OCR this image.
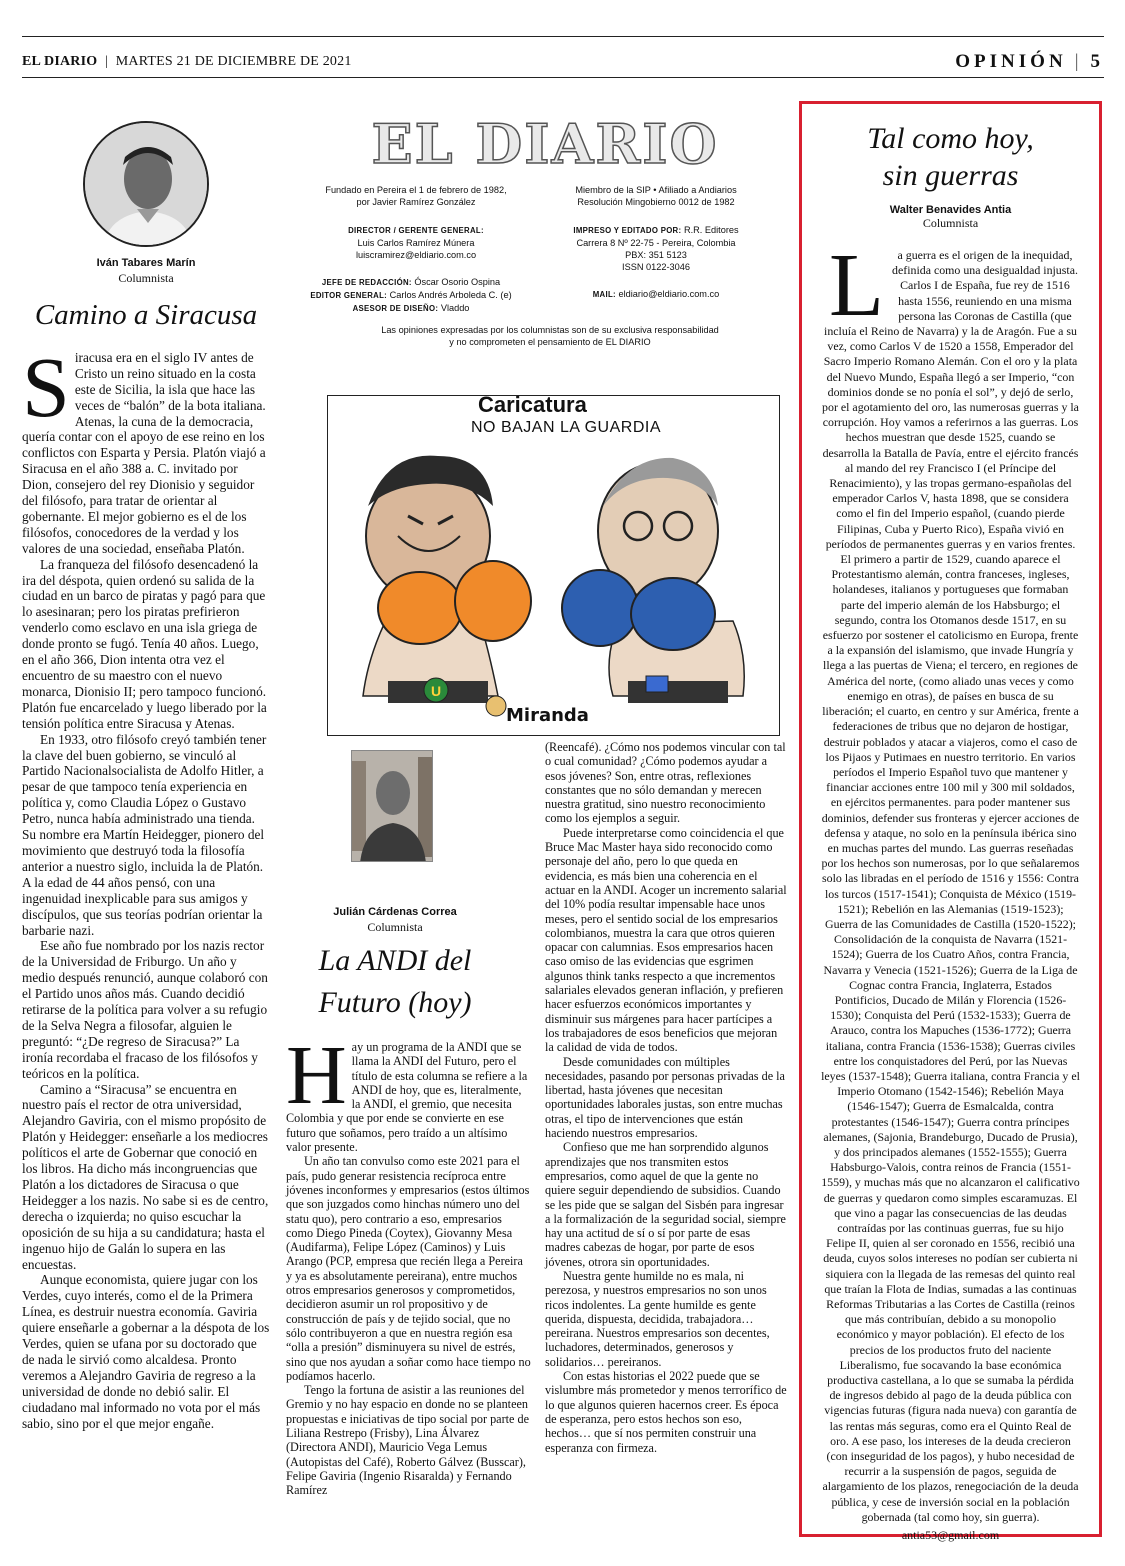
EL DIARIO | MARTES 21 DE DICIEMBRE DE 2021	OPINIÓN | 5
Iván Tabares Marín
Columnista
Camino a Siracusa

Siracusa era en el siglo IV antes de Cristo un reino situado en la costa este de Sicilia, la isla que hace las veces de “balón” de la bota italiana. Atenas, la cuna de la democracia, quería contar con el apoyo de ese reino en los conflictos con Esparta y Persia. Platón viajó a Siracusa en el año 388 a. C. invitado por Dion, consejero del rey Dionisio y seguidor del filósofo, para tratar de orientar al gobernante. El mejor gobierno es el de los filósofos, conocedores de la verdad y los valores de una sociedad, enseñaba Platón.

La franqueza del filósofo desencadenó la ira del déspota, quien ordenó su salida de la ciudad en un barco de piratas y pagó para que lo asesinaran; pero los piratas prefirieron venderlo como esclavo en una isla griega de donde pronto se fugó. Tenía 40 años. Luego, en el año 366, Dion intenta otra vez el encuentro de su maestro con el nuevo monarca, Dionisio II; pero tampoco funcionó. Platón fue encarcelado y luego liberado por la tensión política entre Siracusa y Atenas.

En 1933, otro filósofo creyó también tener la clave del buen gobierno, se vinculó al Partido Nacionalsocialista de Adolfo Hitler, a pesar de que tampoco tenía experiencia en política y, como Claudia López o Gustavo Petro, nunca había administrado una tienda. Su nombre era Martín Heidegger, pionero del movimiento que destruyó toda la filosofía anterior a nuestro siglo, incluida la de Platón. A la edad de 44 años pensó, con una ingenuidad inexplicable para sus amigos y discípulos, que sus teorías podrían orientar la barbarie nazi.

Ese año fue nombrado por los nazis rector de la Universidad de Friburgo. Un año y medio después renunció, aunque colaboró con el Partido unos años más. Cuando decidió retirarse de la política para volver a su refugio de la Selva Negra a filosofar, alguien le preguntó: “¿De regreso de Siracusa?” La ironía recordaba el fracaso de los filósofos y teóricos en la política.

Camino a “Siracusa” se encuentra en nuestro país el rector de otra universidad, Alejandro Gaviria, con el mismo propósito de Platón y Heidegger: enseñarle a los mediocres políticos el arte de Gobernar que conoció en los libros. Ha dicho más incongruencias que Platón a los dictadores de Siracusa o que Heidegger a los nazis. No sabe si es de centro, derecha o izquierda; no quiso escuchar la oposición de su hija a su candidatura; hasta el ingenuo hijo de Galán lo supera en las encuestas.

Aunque economista, quiere jugar con los Verdes, cuyo interés, como el de la Primera Línea, es destruir nuestra economía. Gaviria quiere enseñarle a gobernar a la déspota de los Verdes, quien se ufana por su doctorado que de nada le sirvió como alcaldesa. Pronto veremos a Alejandro Gaviria de regreso a la universidad de donde no debió salir. El ciudadano mal informado no vota por el más sabio, sino por el que mejor engañe.

EL DIARIO
Fundado en Pereira el 1 de febrero de 1982,
por Javier Ramírez González
Miembro de la SIP • Afiliado a Andiarios
Resolución Mingobierno 0012 de 1982
DIRECTOR / GERENTE GENERAL:
Luis Carlos Ramírez Múnera
luiscramirez@eldiario.com.co
IMPRESO Y EDITADO POR: R.R. Editores
Carrera 8 Nº 22-75 - Pereira, Colombia
PBX: 351 5123
ISSN 0122-3046
JEFE DE REDACCIÓN: Óscar Osorio Ospina
EDITOR GENERAL: Carlos Andrés Arboleda C. (e)
ASESOR DE DISEÑO: Vladdo
MAIL: eldiario@eldiario.com.co
Las opiniones expresadas por los columnistas son de su exclusiva responsabilidad
y no comprometen el pensamiento de EL DIARIO
Caricatura
NO BAJAN LA GUARDIA
U
Miranda
Julián Cárdenas Correa
Columnista
La ANDI del
Futuro (hoy)

Hay un programa de la ANDI que se llama la ANDI del Futuro, pero el título de esta columna se refiere a la ANDI de hoy, que es, literalmente, la ANDI, el gremio, que necesita Colombia y que por ende se convierte en ese futuro que soñamos, pero traído a un altísimo valor presente.

Un año tan convulso como este 2021 para el país, pudo generar resistencia recíproca entre jóvenes inconformes y empresarios (estos últimos que son juzgados como hinchas número uno del statu quo), pero contrario a eso, empresarios como Diego Pineda (Coytex), Giovanny Mesa (Audifarma), Felipe López (Caminos) y Luis Arango (PCP, empresa que recién llega a Pereira y ya es absolutamente pereirana), entre muchos otros empresarios generosos y comprometidos, decidieron asumir un rol propositivo y de construcción de país y de tejido social, que no sólo contribuyeron a que en nuestra región esa “olla a presión” disminuyera su nivel de estrés, sino que nos ayudan a soñar como hace tiempo no podíamos hacerlo.

Tengo la fortuna de asistir a las reuniones del Gremio y no hay espacio en donde no se planteen propuestas e iniciativas de tipo social por parte de Liliana Restrepo (Frisby), Lina Álvarez (Directora ANDI), Mauricio Vega Lemus (Autopistas del Café), Roberto Gálvez (Busscar), Felipe Gaviria (Ingenio Risaralda) y Fernando Ramírez

(Reencafé). ¿Cómo nos podemos vincular con tal o cual comunidad? ¿Cómo podemos ayudar a esos jóvenes? Son, entre otras, reflexiones constantes que no sólo demandan y merecen nuestra gratitud, sino nuestro reconocimiento como los ejemplos a seguir.

Puede interpretarse como coincidencia el que Bruce Mac Master haya sido reconocido como personaje del año, pero lo que queda en evidencia, es más bien una coherencia en el actuar en la ANDI. Acoger un incremento salarial del 10% podía resultar impensable hace unos meses, pero el sentido social de los empresarios colombianos, muestra la cara que otros quieren opacar con calumnias. Esos empresarios hacen caso omiso de las evidencias que esgrimen algunos think tanks respecto a que incrementos salariales elevados generan inflación, y prefieren hacer esfuerzos económicos importantes y disminuir sus márgenes para hacer partícipes a los trabajadores de esos beneficios que mejoran la calidad de vida de todos.

Desde comunidades con múltiples necesidades, pasando por personas privadas de la libertad, hasta jóvenes que necesitan oportunidades laborales justas, son entre muchas otras, el tipo de intervenciones que están haciendo nuestros empresarios.

Confieso que me han sorprendido algunos aprendizajes que nos transmiten estos empresarios, como aquel de que la gente no quiere seguir dependiendo de subsidios. Cuando se les pide que se salgan del Sisbén para ingresar a la formalización de la seguridad social, siempre hay una actitud de sí o sí por parte de esas madres cabezas de hogar, por parte de esos jóvenes, otrora sin oportunidades.

Nuestra gente humilde no es mala, ni perezosa, y nuestros empresarios no son unos ricos indolentes. La gente humilde es gente querida, dispuesta, decidida, trabajadora… pereirana. Nuestros empresarios son decentes, luchadores, determinados, generosos y solidarios… pereiranos.

Con estas historias el 2022 puede que se vislumbre más prometedor y menos terrorífico de lo que algunos quieren hacernos creer. Es época de esperanza, pero estos hechos son eso, hechos… que sí nos permiten construir una esperanza con firmeza.

Tal como hoy,
sin guerras
Walter Benavides Antia
Columnista
L a guerra es el origen de la inequidad, definida como una desigualdad injusta. Carlos I de España, fue rey de 1516 hasta 1556, reuniendo en una misma persona las Coronas de Castilla (que incluía el Reino de Navarra) y la de Aragón. Fue a su vez, como Carlos V de 1520 a 1558, Emperador del Sacro Imperio Romano Alemán. Con el oro y la plata del Nuevo Mundo, España llegó a ser Imperio, “con dominios donde se no ponía el sol”, y dejó de serlo, por el agotamiento del oro, las numerosas guerras y la corrupción. Hoy vamos a referirnos a las guerras. Los hechos muestran que desde 1525, cuando se desarrolla la Batalla de Pavía, entre el ejército francés al mando del rey Francisco I (el Príncipe del Renacimiento), y las tropas germano-españolas del emperador Carlos V, hasta 1898, que se considera como el fin del Imperio español, (cuando pierde Filipinas, Cuba y Puerto Rico), España vivió en períodos de permanentes guerras y en varios frentes. El primero a partir de 1529, cuando aparece el Protestantismo alemán, contra franceses, ingleses, holandeses, italianos y portugueses que formaban parte del imperio alemán de los Habsburgo; el segundo, contra los Otomanos desde 1517, en su esfuerzo por sostener el catolicismo en Europa, frente a la expansión del islamismo, que invade Hungría y llega a las puertas de Viena; el tercero, en regiones de América del norte, (como aliado unas veces y como enemigo en otras), de países en busca de su liberación; el cuarto, en centro y sur América, frente a federaciones de tribus que no dejaron de hostigar, destruir poblados y atacar a viajeros, como el caso de los Pijaos y Putimaes en nuestro territorio. En varios períodos el Imperio Español tuvo que mantener y financiar acciones entre 100 mil y 300 mil soldados, en ejércitos permanentes. para poder mantener sus dominios, defender sus fronteras y ejercer acciones de defensa y ataque, no solo en la península ibérica sino en muchas partes del mundo. Las guerras reseñadas por los hechos son numerosas, por lo que señalaremos solo las libradas en el período de 1516 y 1556: Contra los turcos (1517-1541); Conquista de México (1519-1521); Rebelión en las Alemanias (1519-1523); Guerra de las Comunidades de Castilla (1520-1522); Consolidación de la conquista de Navarra (1521-1524); Guerra de los Cuatro Años, contra Francia, Navarra y Venecia (1521-1526); Guerra de la Liga de Cognac contra Francia, Inglaterra, Estados Pontificios, Ducado de Milán y Florencia (1526-1530); Conquista del Perú (1532-1533); Guerra de Arauco, contra los Mapuches (1536-1772); Guerra italiana, contra Francia (1536-1538); Guerras civiles entre los conquistadores del Perú, por las Nuevas leyes (1537-1548); Guerra italiana, contra Francia y el Imperio Otomano (1542-1546); Rebelión Maya (1546-1547); Guerra de Esmalcalda, contra protestantes (1546-1547); Guerra contra príncipes alemanes, (Sajonia, Brandeburgo, Ducado de Prusia), y dos principados alemanes (1552-1555); Guerra Habsburgo-Valois, contra reinos de Francia (1551-1559), y muchas más que no alcanzaron el calificativo de guerras y quedaron como simples escaramuzas. El que vino a pagar las consecuencias de las deudas contraídas por las continuas guerras, fue su hijo Felipe II, quien al ser coronado en 1556, recibió una deuda, cuyos solos intereses no podían ser cubierta ni siquiera con la llegada de las remesas del quinto real que traían la Flota de Indias, sumadas a las continuas Reformas Tributarias a las Cortes de Castilla (reinos que más contribuían, debido a su monopolio económico y mayor población). El efecto de los precios de los productos fruto del naciente Liberalismo, fue socavando la base económica productiva castellana, a lo que se sumaba la pérdida de ingresos debido al pago de la deuda pública con vigencias futuras (figura nada nueva) con garantía de las rentas más seguras, como era el Quinto Real de oro. A ese paso, los intereses de la deuda crecieron (con inseguridad de los pagos), y hubo necesidad de recurrir a la suspensión de pagos, seguida de alargamiento de los plazos, renegociación de la deuda pública, y cese de inversión social en la población gobernada (tal como hoy, sin guerra).
antia53@gmail.com
